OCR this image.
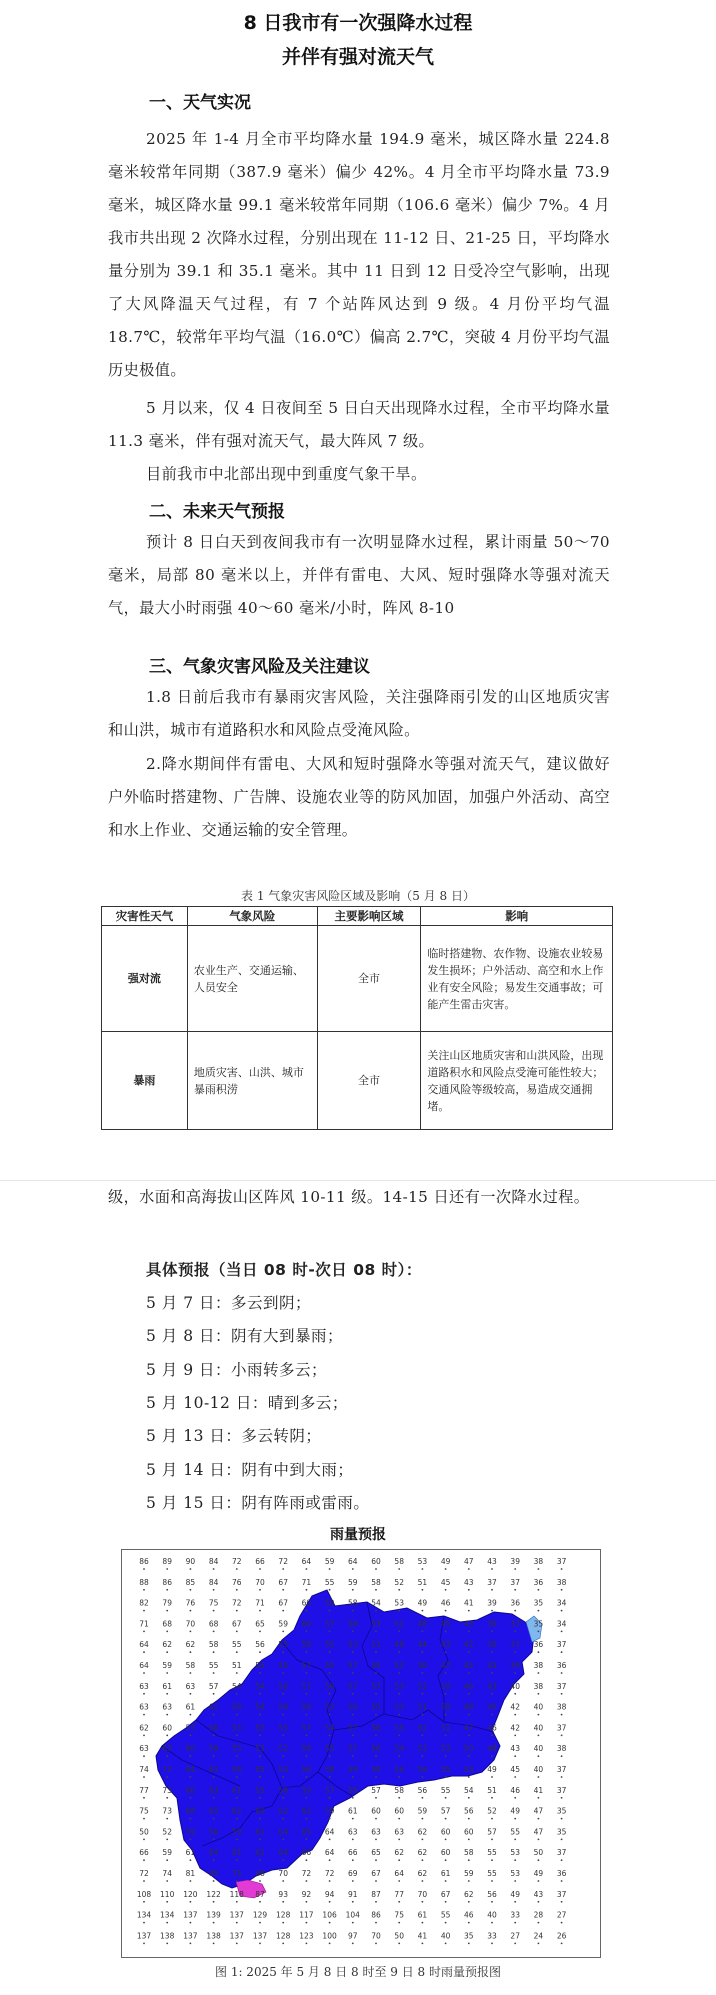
8 日我市有一次强降水过程
并伴有强对流天气
一、天气实况
2025 年 1-4 月全市平均降水量 194.9 毫米，城区降水量 224.8 毫米较常年同期（387.9 毫米）偏少 42%。4 月全市平均降水量 73.9 毫米，城区降水量 99.1 毫米较常年同期（106.6 毫米）偏少 7%。4 月我市共出现 2 次降水过程，分别出现在 11-12 日、21-25 日，平均降水量分别为 39.1 和 35.1 毫米。其中 11 日到 12 日受冷空气影响，出现了大风降温天气过程，有 7 个站阵风达到 9 级。4 月份平均气温 18.7℃，较常年平均气温（16.0℃）偏高 2.7℃，突破 4 月份平均气温历史极值。
5 月以来，仅 4 日夜间至 5 日白天出现降水过程，全市平均降水量 11.3 毫米，伴有强对流天气，最大阵风 7 级。
目前我市中北部出现中到重度气象干旱。
二、未来天气预报
预计 8 日白天到夜间我市有一次明显降水过程，累计雨量 50～70 毫米，局部 80 毫米以上，并伴有雷电、大风、短时强降水等强对流天气，最大小时雨强 40～60 毫米/小时，阵风 8-10
三、气象灾害风险及关注建议
1.8 日前后我市有暴雨灾害风险，关注强降雨引发的山区地质灾害和山洪，城市有道路积水和风险点受淹风险。
2.降水期间伴有雷电、大风和短时强降水等强对流天气，建议做好户外临时搭建物、广告牌、设施农业等的防风加固，加强户外活动、高空和水上作业、交通运输的安全管理。
表 1 气象灾害风险区域及影响（5 月 8 日）
灾害性天气	气象风险	主要影响区域	影响
强对流	农业生产、交通运输、人员安全	全市	临时搭建物、农作物、设施农业较易发生损坏；户外活动、高空和水上作业有安全风险；易发生交通事故；可能产生雷击灾害。
暴雨	地质灾害、山洪、城市暴雨积涝	全市	关注山区地质灾害和山洪风险，出现道路积水和风险点受淹可能性较大；交通风险等级较高，易造成交通拥堵。
级，水面和高海拔山区阵风 10-11 级。14-15 日还有一次降水过程。
具体预报（当日 08 时-次日 08 时）：
5 月 7 日：多云到阴；
5 月 8 日：阴有大到暴雨；
5 月 9 日：小雨转多云；
5 月 10-12 日：晴到多云；
5 月 13 日：多云转阴；
5 月 14 日：阴有中到大雨；
5 月 15 日：阴有阵雨或雷雨。
雨量预报
86 89 90 84 72 66 72 64 59 64 60 58 53 49 47 43 39 38 37
88 86 85 84 76 70 67 71 55 59 58 52 51 45 43 37 37 36 38
82 79 76 75 72 71 67 60 59 58 54 53 49 46 41 39 36 35 34
71 68 70 68 67 65 59 60 57 58 53 51 48 45 43 39 37 35 34
64 62 62 58 55 56 55 58 55 53 51 48 44 43 42 39 37 36 37
64 59 58 55 51 55 55 57 55 57 55 52 50 47 45 43 39 38 36
63 61 63 57 54 54 56 57 56 57 57 53 52 50 46 43 40 38 37
63 63 61 61 58 54 59 58 55 56 55 53 51 50 48 45 42 40 38
62 60 57 56 53 55 55 57 54 57 56 55 52 51 47 46 42 40 37
63 63 60 59 55 53 52 58 55 57 56 54 53 53 50 48 43 40 38
74 72 64 61 58 55 54 56 58 59 59 56 56 55 53 49 45 40 37
77 73 66 63 61 55 58 59 57 58 57 58 56 55 54 51 46 41 37
75 73 68 65 62 60 62 62 59 61 60 60 59 57 56 52 49 47 35
50 52 59 56 59 61 64 65 64 63 63 63 62 60 60 57 55 47 35
66 59 61 64 61 62 64 66 64 66 65 62 62 60 58 55 53 50 37
72 74 81 85 75 68 70 72 72 69 67 64 62 61 59 55 53 49 36
108 110 120 122 118 87 93 92 94 91 87 77 70 67 62 56 49 43 37
134 134 137 139 137 129 128 117 106 104 86 75 61 55 46 40 33 28 27
137 138 137 138 137 137 128 123 100 97 70 50 41 40 35 33 27 24 26
图 1: 2025 年 5 月 8 日 8 时至 9 日 8 时雨量预报图
